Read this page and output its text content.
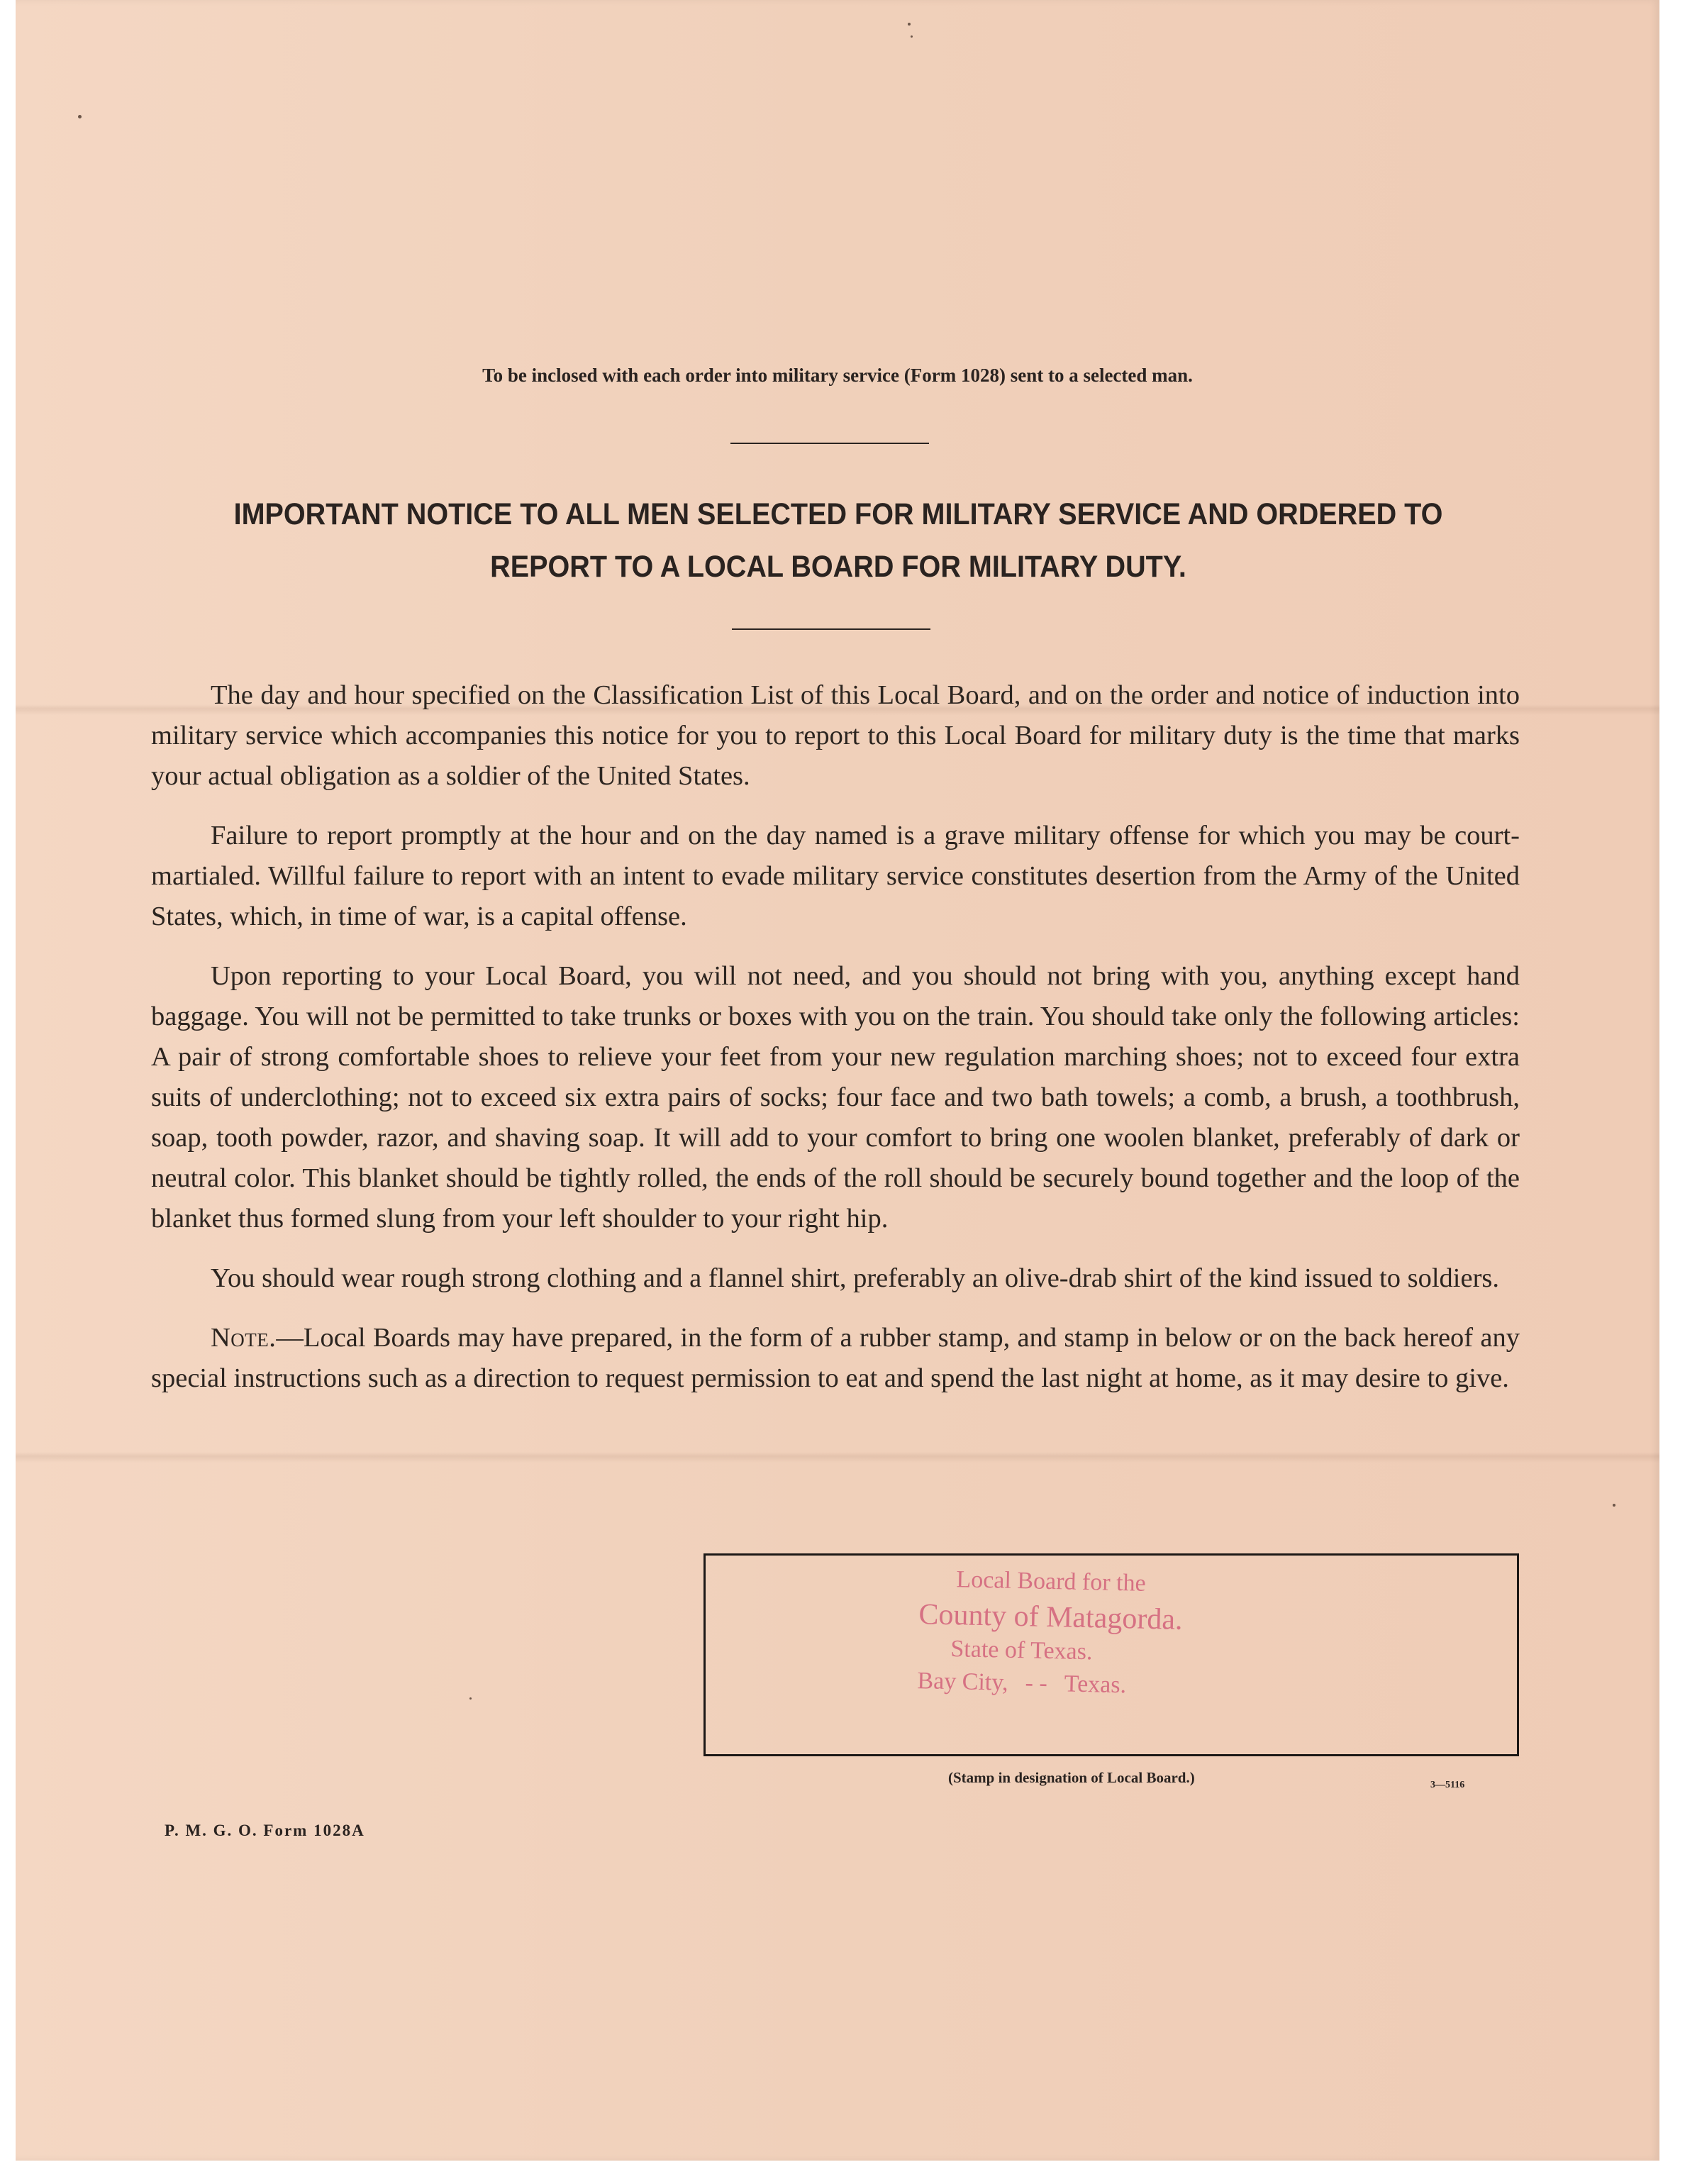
To be inclosed with each order into military service (Form 1028) sent to a selected man.
IMPORTANT NOTICE TO ALL MEN SELECTED FOR MILITARY SERVICE AND ORDERED TO REPORT TO A LOCAL BOARD FOR MILITARY DUTY.

The day and hour specified on the Classification List of this Local Board, and on the order and notice of induction into military service which accompanies this notice for you to report to this Local Board for military duty is the time that marks your actual obligation as a soldier of the United States.

Failure to report promptly at the hour and on the day named is a grave military offense for which you may be court-martialed. Willful failure to report with an intent to evade military service constitutes desertion from the Army of the United States, which, in time of war, is a capital offense.

Upon reporting to your Local Board, you will not need, and you should not bring with you, anything except hand baggage. You will not be permitted to take trunks or boxes with you on the train. You should take only the following articles: A pair of strong comfortable shoes to relieve your feet from your new regulation marching shoes; not to exceed four extra suits of underclothing; not to exceed six extra pairs of socks; four face and two bath towels; a comb, a brush, a toothbrush, soap, tooth powder, razor, and shaving soap. It will add to your comfort to bring one woolen blanket, preferably of dark or neutral color. This blanket should be tightly rolled, the ends of the roll should be securely bound together and the loop of the blanket thus formed slung from your left shoulder to your right hip.

You should wear rough strong clothing and a flannel shirt, preferably an olive-drab shirt of the kind issued to soldiers.

Note.—Local Boards may have prepared, in the form of a rubber stamp, and stamp in below or on the back hereof any special instructions such as a direction to request permission to eat and spend the last night at home, as it may desire to give.

Local Board for the
County of Matagorda.
State of Texas.
Bay City, - - Texas.
(Stamp in designation of Local Board.)	3—5116
P. M. G. O. Form 1028A
